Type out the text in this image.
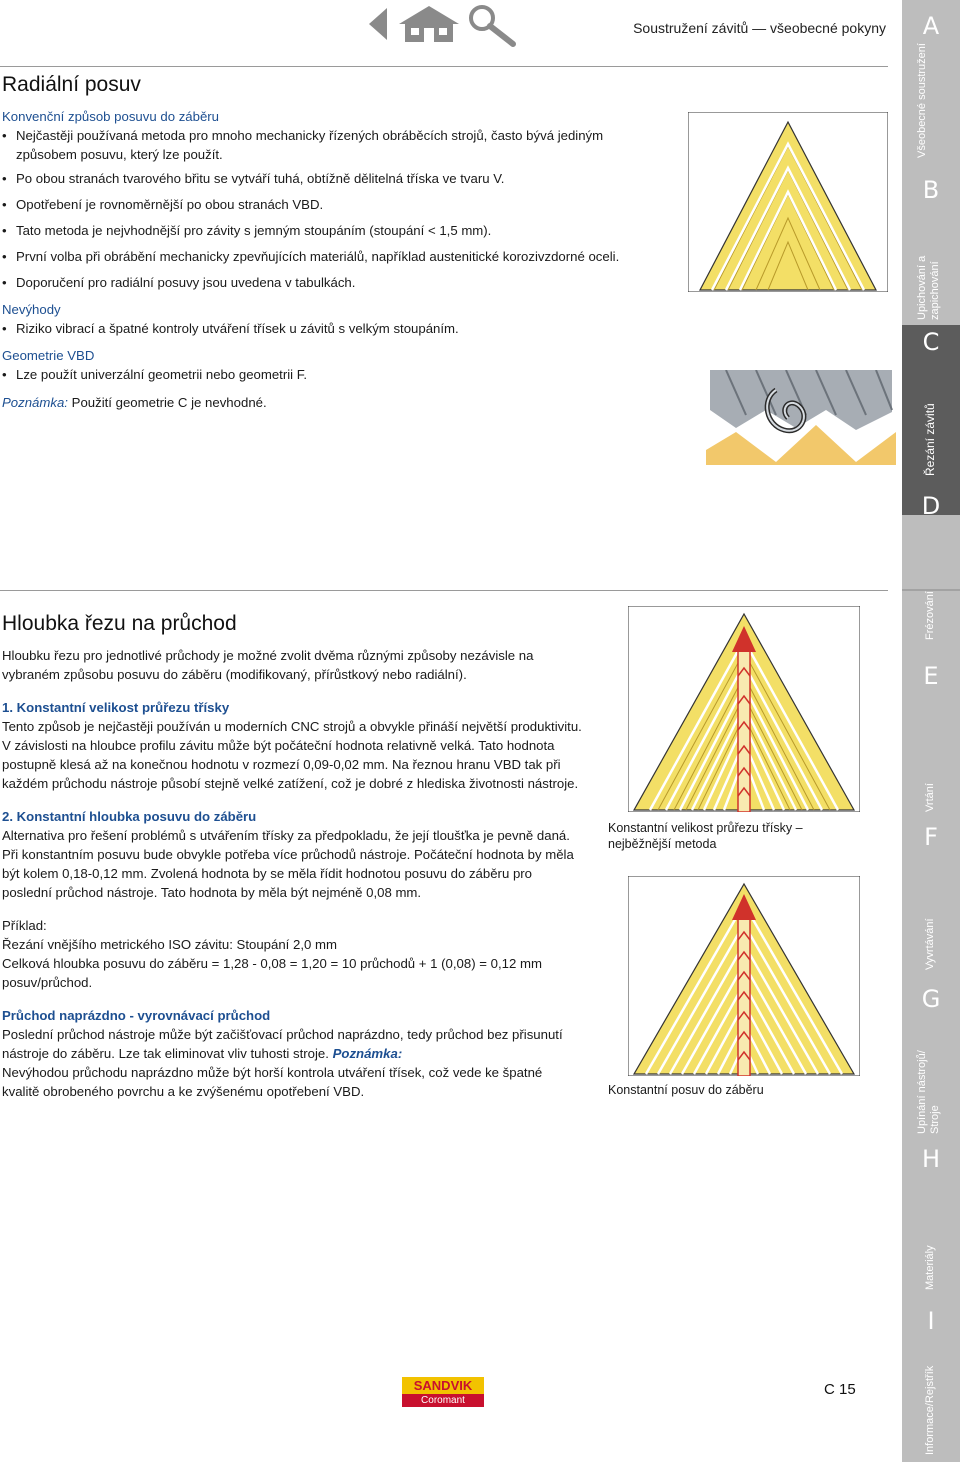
Soustružení závitů — všeobecné pokyny	A
B
C
D
E
F
G
H
I
Všeobecné soustružení
Upichování a zapichování
Řezání závitů
Frézování
Vrtání
Vyvrtávání
Upínání nástrojů/ Stroje
Materiály
Informace/Rejstřík
Radiální posuv
Konvenční způsob posuvu do záběru
• Nejčastěji používaná metoda pro mnoho mechanicky řízených obráběcích strojů, často bývá jediným způsobem posuvu, který lze použít.
• Po obou stranách tvarového břitu se vytváří tuhá, obtížně dělitelná tříska ve tvaru V.
• Opotřebení je rovnoměrnější po obou stranách VBD.
• Tato metoda je nejvhodnější pro závity s jemným stoupáním (stoupání < 1,5 mm).
• První volba při obrábění mechanicky zpevňujících materiálů, například austenitické korozivzdorné oceli.
• Doporučení pro radiální posuvy jsou uvedena v tabulkách.
Nevýhody
• Riziko vibrací a špatné kontroly utváření třísek u závitů s velkým stoupáním.
Geometrie VBD
• Lze použít univerzální geometrii nebo geometrii F.
Poznámka: Použití geometrie C je nevhodné.
Hloubka řezu na průchod
Hloubku řezu pro jednotlivé průchody je možné zvolit dvěma různými způsoby nezávisle na vybraném způsobu posuvu do záběru (modifikovaný, přírůstkový nebo radiální).
1. Konstantní velikost průřezu třísky
Tento způsob je nejčastěji používán u moderních CNC strojů a obvykle přináší největší produktivitu. V závislosti na hloubce profilu závitu může být počáteční hodnota relativně velká. Tato hodnota postupně klesá až na konečnou hodnotu v rozmezí 0,09-0,02 mm. Na řeznou hranu VBD tak při každém průchodu nástroje působí stejně velké zatížení, což je dobré z hlediska životnosti nástroje.
2. Konstantní hloubka posuvu do záběru
Alternativa pro řešení problémů s utvářením třísky za předpokladu, že její tloušťka je pevně daná. Při konstantním posuvu bude obvykle potřeba více průchodů nástroje. Počáteční hodnota by měla být kolem 0,18-0,12 mm. Zvolená hodnota by se měla řídit hodnotou posuvu do záběru pro poslední průchod nástroje. Tato hodnota by měla být nejméně 0,08 mm.
Příklad:
Řezání vnějšího metrického ISO závitu: Stoupání 2,0 mm
Celková hloubka posuvu do záběru = 1,28 - 0,08 = 1,20 = 10 průchodů + 1 (0,08) = 0,12 mm posuv/průchod.
Průchod naprázdno - vyrovnávací průchod
Poslední průchod nástroje může být začišťovací průchod naprázdno, tedy průchod bez přisunutí nástroje do záběru. Lze tak eliminovat vliv tuhosti stroje. Poznámka:
Nevýhodou průchodu naprázdno může být horší kontrola utváření třísek, což vede ke špatné kvalitě obrobeného povrchu a ke zvýšenému opotřebení VBD.
Konstantní velikost průřezu třísky – nejběžnější metoda
Konstantní posuv do záběru
SANDVIK
Coromant
C 15
